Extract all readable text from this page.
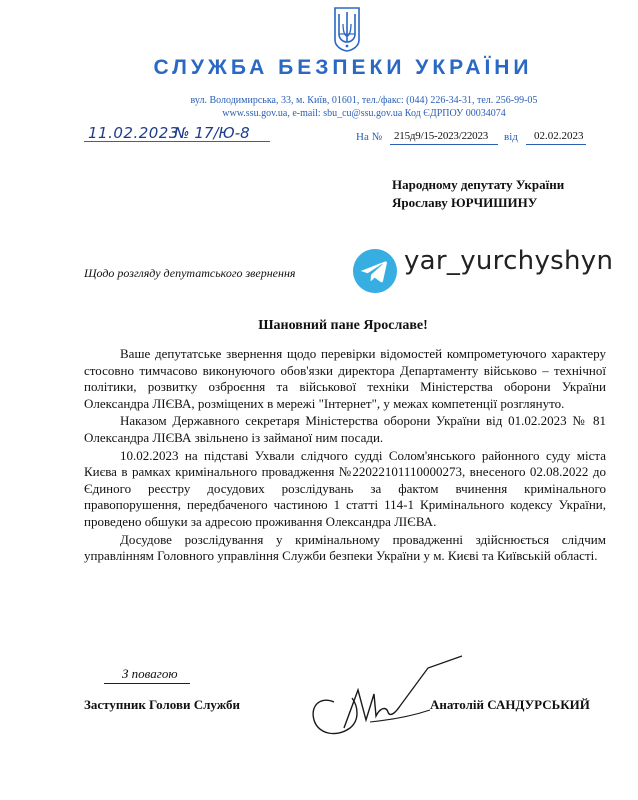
СЛУЖБА БЕЗПЕКИ УКРАЇНИ
вул. Володимирська, 33, м. Київ, 01601, тел./факс: (044) 226-34-31, тел. 256-99-05
www.ssu.gov.ua, e-mail: sbu_cu@ssu.gov.ua Код ЄДРПОУ 00034074
11.02.2023
№ 17/Ю-8	На № 215д9/15-2023/22023 від 02.02.2023
Народному депутату України
Ярославу ЮРЧИШИНУ
yar_yurchyshyn
Щодо розгляду депутатського звернення
Шановний пане Ярославе!

Ваше депутатське звернення щодо перевірки відомостей компрометуючого характеру стосовно тимчасово виконуючого обов'язки директора Департаменту військово – технічної політики, розвитку озброєння та військової техніки Міністерства оборони України Олександра ЛІЄВА, розміщених в мережі "Інтернет", у межах компетенції розглянуто.

Наказом Державного секретаря Міністерства оборони України від 01.02.2023 № 81 Олександра ЛІЄВА звільнено із займаної ним посади.

10.02.2023 на підставі Ухвали слідчого судді Солом'янського районного суду міста Києва в рамках кримінального провадження №22022101110000273, внесеного 02.08.2022 до Єдиного реєстру досудових розслідувань за фактом вчинення кримінального правопорушення, передбаченого частиною 1 статті 114-1 Кримінального кодексу України, проведено обшуки за адресою проживання Олександра ЛІЄВА.

Досудове розслідування у кримінальному провадженні здійснюється слідчим управлінням Головного управління Служби безпеки України у м. Києві та Київській області.

З повагою
Заступник Голови Служби	Анатолій САНДУРСЬКИЙ
